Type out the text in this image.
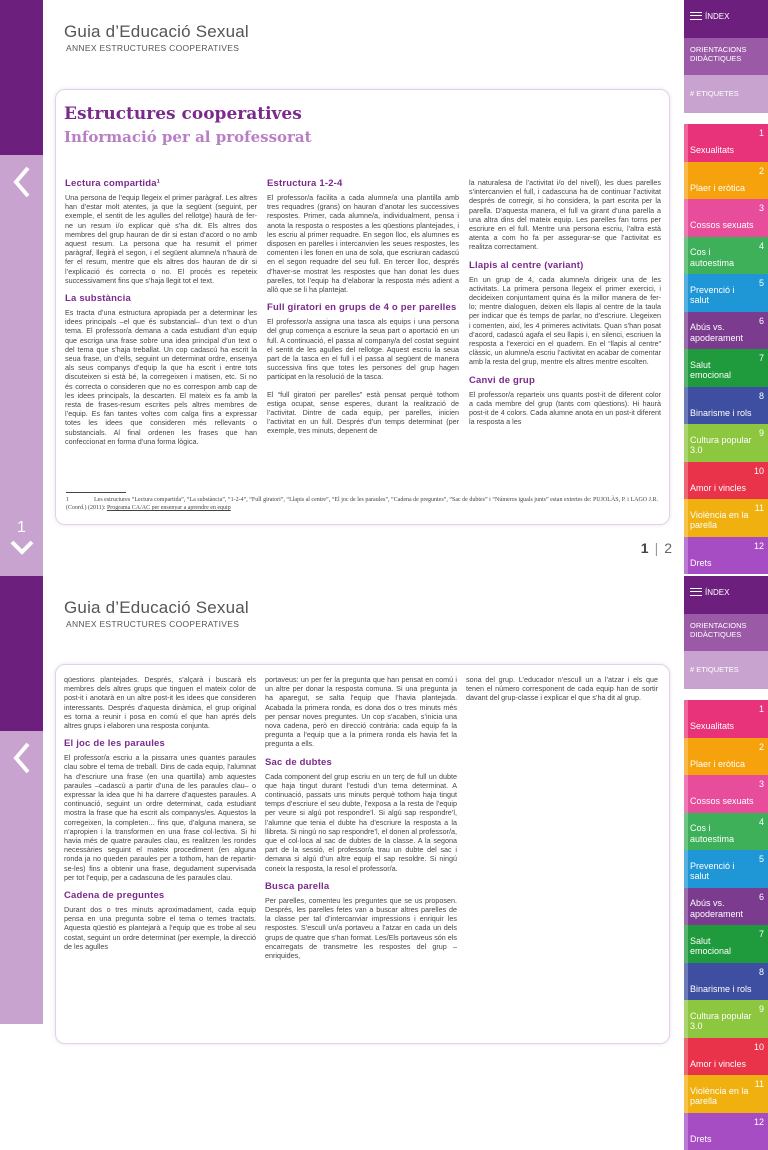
1
Guia d’Educació Sexual
ANNEX ESTRUCTURES COOPERATIVES
Estructures cooperatives
Informació per al professorat
Lectura compartida¹

Una persona de l’equip llegeix el primer paràgraf. Les altres han d’estar molt atentes, ja que la següent (seguint, per exemple, el sentit de les agulles del rellotge) haurà de fer-ne un resum i/o explicar què s’ha dit. Els altres dos membres del grup hauran de dir si estan d’acord o no amb aquest resum. La persona que ha resumit el primer paràgraf, llegirà el segon, i el següent alumne/a n’haurà de fer el resum, mentre que els altres dos hauran de dir si l’explicació és correcta o no. El procés es repeteix successivament fins que s’haja llegit tot el text.

La substància

Es tracta d’una estructura apropiada per a determinar les idees principals –el que és substancial– d’un text o d’un tema. El professor/a demana a cada estudiant d’un equip que escriga una frase sobre una idea principal d’un text o del tema que s’haja treballat. Un cop cadascú ha escrit la seua frase, un d’ells, seguint un determinat ordre, ensenya als seus companys d’equip la que ha escrit i entre tots discuteixen si està bé, la corregeixen i matisen, etc. Si no és correcta o consideren que no es correspon amb cap de les idees principals, la descarten. El mateix es fa amb la resta de frases-resum escrites pels altres membres de l’equip. Es fan tantes voltes com calga fins a expressar totes les idees que consideren més rellevants o substancials. Al final ordenen les frases que han confeccionat en forma d’una forma lògica.

Estructura 1-2-4

El professor/a facilita a cada alumne/a una plantilla amb tres requadres (grans) on hauran d’anotar les successives respostes. Primer, cada alumne/a, individualment, pensa i anota la resposta o respostes a les qüestions plantejades, i les escriu al primer requadre. En segon lloc, els alumnes es disposen en parelles i intercanvien les seues respostes, les comenten i les fonen en una de sola, que escriuran cadascú en el segon requadre del seu full. En tercer lloc, després d’haver-se mostrat les respostes que han donat les dues parelles, tot l’equip ha d’elaborar la resposta més adient a allò que se li ha plantejat.

Full giratori en grups de 4 o per parelles

El professor/a assigna una tasca als equips i una persona del grup comença a escriure la seua part o aportació en un full. A continuació, el passa al company/a del costat seguint el sentit de les agulles del rellotge. Aquest escriu la seua part de la tasca en el full i el passa al següent de manera successiva fins que totes les persones del grup hagen participat en la resolució de la tasca.

El “full giratori per parelles” està pensat perquè tothom estiga ocupat, sense esperes, durant la realització de l’activitat. Dintre de cada equip, per parelles, inicien l’activitat en un full. Després d’un temps determinat (per exemple, tres minuts, depenent de

la naturalesa de l’activitat i/o del nivell), les dues parelles s’intercanvien el full, i cadascuna ha de continuar l’activitat després de corregir, si ho considera, la part escrita per la parella. D’aquesta manera, el full va girant d’una parella a una altra dins del mateix equip. Les parelles fan torns per escriure en el full. Mentre una persona escriu, l’altra està atenta a com ho fa per assegurar-se que l’activitat es realitza correctament.

Llapis al centre (variant)

En un grup de 4, cada alumne/a dirigeix una de les activitats. La primera persona llegeix el primer exercici, i decideixen conjuntament quina és la millor manera de fer-lo; mentre dialoguen, deixen els llapis al centre de la taula per indicar que és temps de parlar, no d’escriure. Llegeixen i comenten, així, les 4 primeres activitats. Quan s’han posat d’acord, cadascú agafa el seu llapis i, en silenci, escriuen la resposta a l’exercici en el quadern. En el “llapis al centre” clàssic, un alumne/a escriu l’activitat en acabar de comentar amb la resta del grup, mentre els altres mentre escolten.

Canvi de grup

El professor/a reparteix uns quants post-it de diferent color a cada membre del grup (tants com qüestions). Hi haurà post-it de 4 colors. Cada alumne anota en un post-it diferent la resposta a les

1	Les estructures “Lectura compartida”, “La substància”, “1-2-4”, “Full giratori”, “Llapis al centre”, “El joc de les paraules”, “Cadena de preguntes”, “Sac de dubtes” i “Números iguals junts” estan extretes de: PUJOLÀS, P. i LAGO J.R. (Coord.) (2011): Programa CA/AC per ensenyar a aprendre en equip
1 | 2
ÍNDEX
ORIENTACIONS DIDÀCTIQUES
# ETIQUETES
Sexualitats
1
Plaer i eròtica
2
Cossos sexuats
3
Cos i autoestima
4
Prevenció i salut
5
Abús vs. apoderament
6
Salut emocional
7
Binarisme i rols
8
Cultura popular 3.0
9
Amor i vincles
10
Violència en la parella
11
Drets
12
Guia d’Educació Sexual
ANNEX ESTRUCTURES COOPERATIVES

qüestions plantejades. Després, s’alçarà i buscarà els membres dels altres grups que tinguen el mateix color de post-it i anotarà en un altre post-it les idees que consideren interessants. Després d’aquesta dinàmica, el grup original es torna a reunir i posa en comú el que han aprés dels altres grups i elaboren una resposta conjunta.

El joc de les paraules

El professor/a escriu a la pissarra unes quantes paraules clau sobre el tema de treball. Dins de cada equip, l’alumnat ha d’escriure una frase (en una quartilla) amb aquestes paraules –cadascú a partir d’una de les paraules clau– o expressar la idea que hi ha darrere d’aquestes paraules. A continuació, seguint un ordre determinat, cada estudiant mostra la frase que ha escrit als companys/es. Aquestos la corregeixen, la completen... fins que, d’alguna manera, se n’apropien i la transformen en una frase col·lectiva. Si hi havia més de quatre paraules clau, es realitzen les rondes necessàries seguint el mateix procediment (en alguna ronda ja no queden paraules per a tothom, han de repartir-se-les) fins a obtenir una frase, degudament supervisada per tot l’equip, per a cadascuna de les paraules clau.

Cadena de preguntes

Durant dos o tres minuts aproximadament, cada equip pensa en una pregunta sobre el tema o temes tractats. Aquesta qüestió es plantejarà a l’equip que es trobe al seu costat, seguint un ordre determinat (per exemple, la direcció de les agulles

portaveus: un per fer la pregunta que han pensat en comú i un altre per donar la resposta comuna. Si una pregunta ja ha aparegut, se salta l’equip que l’havia plantejada. Acabada la primera ronda, es dona dos o tres minuts més per pensar noves preguntes. Un cop s’acaben, s’inicia una nova cadena, però en direcció contrària: cada equip fa la pregunta a l’equip que a la primera ronda els havia fet la pregunta a ells.

Sac de dubtes

Cada component del grup escriu en un terç de full un dubte que haja tingut durant l’estudi d’un tema determinat. A continuació, passats uns minuts perquè tothom haja tingut temps d’escriure el seu dubte, l’exposa a la resta de l’equip per veure si algú pot respondre’l. Si algú sap respondre’l, l’alumne que tenia el dubte ha d’escriure la resposta a la llibreta. Si ningú no sap respondre’l, el donen al professor/a, que el col·loca al sac de dubtes de la classe. A la segona part de la sessió, el professor/a trau un dubte del sac i demana si algú d’un altre equip el sap resoldre. Si ningú coneix la resposta, la resol el professor/a.

Busca parella

Per parelles, comenteu les preguntes que se us proposen. Després, les parelles fetes van a buscar altres parelles de la classe per tal d’intercanviar impressions i enriquir les respostes. S’escull un/a portaveu a l’atzar en cada un dels grups de quatre que s’han format. Les/Els portaveus són els encarregats de transmetre les respostes del grup –enriquides,

sona del grup. L’educador n’escull un a l’atzar i els que tenen el número corresponent de cada equip han de sortir davant del grup-classe i explicar el que s’ha dit al grup.

ÍNDEX
ORIENTACIONS DIDÀCTIQUES
# ETIQUETES
Sexualitats
1
Plaer i eròtica
2
Cossos sexuats
3
Cos i autoestima
4
Prevenció i salut
5
Abús vs. apoderament
6
Salut emocional
7
Binarisme i rols
8
Cultura popular 3.0
9
Amor i vincles
10
Violència en la parella
11
Drets
12
